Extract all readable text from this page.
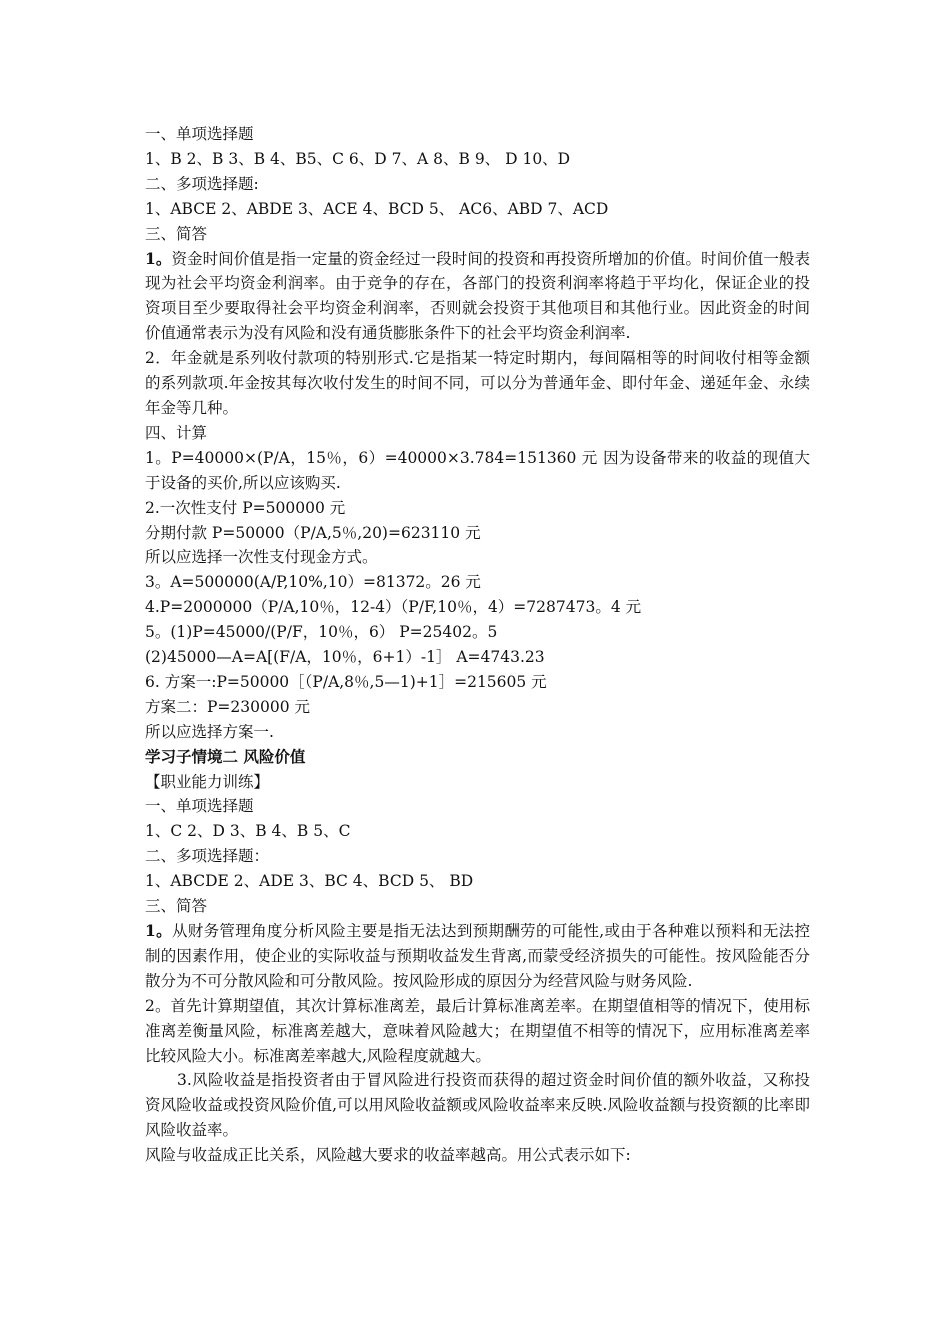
一、单项选择题
1、B 2、B 3、B 4、B5、C 6、D 7、A 8、B 9、 D 10、D
二、多项选择题:
1、ABCE 2、ABDE 3、ACE 4、BCD 5、 AC6、ABD 7、ACD
三、简答
1。资金时间价值是指一定量的资金经过一段时间的投资和再投资所增加的价值。时间价值一般表现为社会平均资金利润率。由于竞争的存在，各部门的投资利润率将趋于平均化，保证企业的投资项目至少要取得社会平均资金利润率，否则就会投资于其他项目和其他行业。因此资金的时间价值通常表示为没有风险和没有通货膨胀条件下的社会平均资金利润率.
2．年金就是系列收付款项的特别形式.它是指某一特定时期内，每间隔相等的时间收付相等金额的系列款项.年金按其每次收付发生的时间不同，可以分为普通年金、即付年金、递延年金、永续年金等几种。
四、计算
1。P=40000×(P/A，15％，6）=40000×3.784=151360 元 因为设备带来的收益的现值大于设备的买价,所以应该购买.
2.一次性支付 P=500000 元
分期付款 P=50000（P/A,5％,20)=623110 元
所以应选择一次性支付现金方式。
3。A=500000(A/P,10%,10）=81372。26 元
4.P=2000000（P/A,10％，12-4）（P/F,10％，4）=7287473。4 元
5。(1)P=45000/(P/F，10％，6） P=25402。5
(2)45000—A=A[(F/A，10％，6+1）-1］ A=4743.23
6. 方案一:P=50000［（P/A,8％,5—1)+1］=215605 元
方案二：P=230000 元
所以应选择方案一.
学习子情境二 风险价值
【职业能力训练】
一、单项选择题
1、C 2、D 3、B 4、B 5、C
二、多项选择题：
1、ABCDE 2、ADE 3、BC 4、BCD 5、 BD
三、简答
1。从财务管理角度分析风险主要是指无法达到预期酬劳的可能性,或由于各种难以预料和无法控制的因素作用，使企业的实际收益与预期收益发生背离,而蒙受经济损失的可能性。按风险能否分散分为不可分散风险和可分散风险。按风险形成的原因分为经营风险与财务风险.
2。首先计算期望值，其次计算标准离差，最后计算标准离差率。在期望值相等的情况下，使用标准离差衡量风险，标准离差越大，意味着风险越大；在期望值不相等的情况下，应用标准离差率比较风险大小。标准离差率越大,风险程度就越大。
3.风险收益是指投资者由于冒风险进行投资而获得的超过资金时间价值的额外收益，又称投资风险收益或投资风险价值,可以用风险收益额或风险收益率来反映.风险收益额与投资额的比率即风险收益率。
风险与收益成正比关系，风险越大要求的收益率越高。用公式表示如下:
